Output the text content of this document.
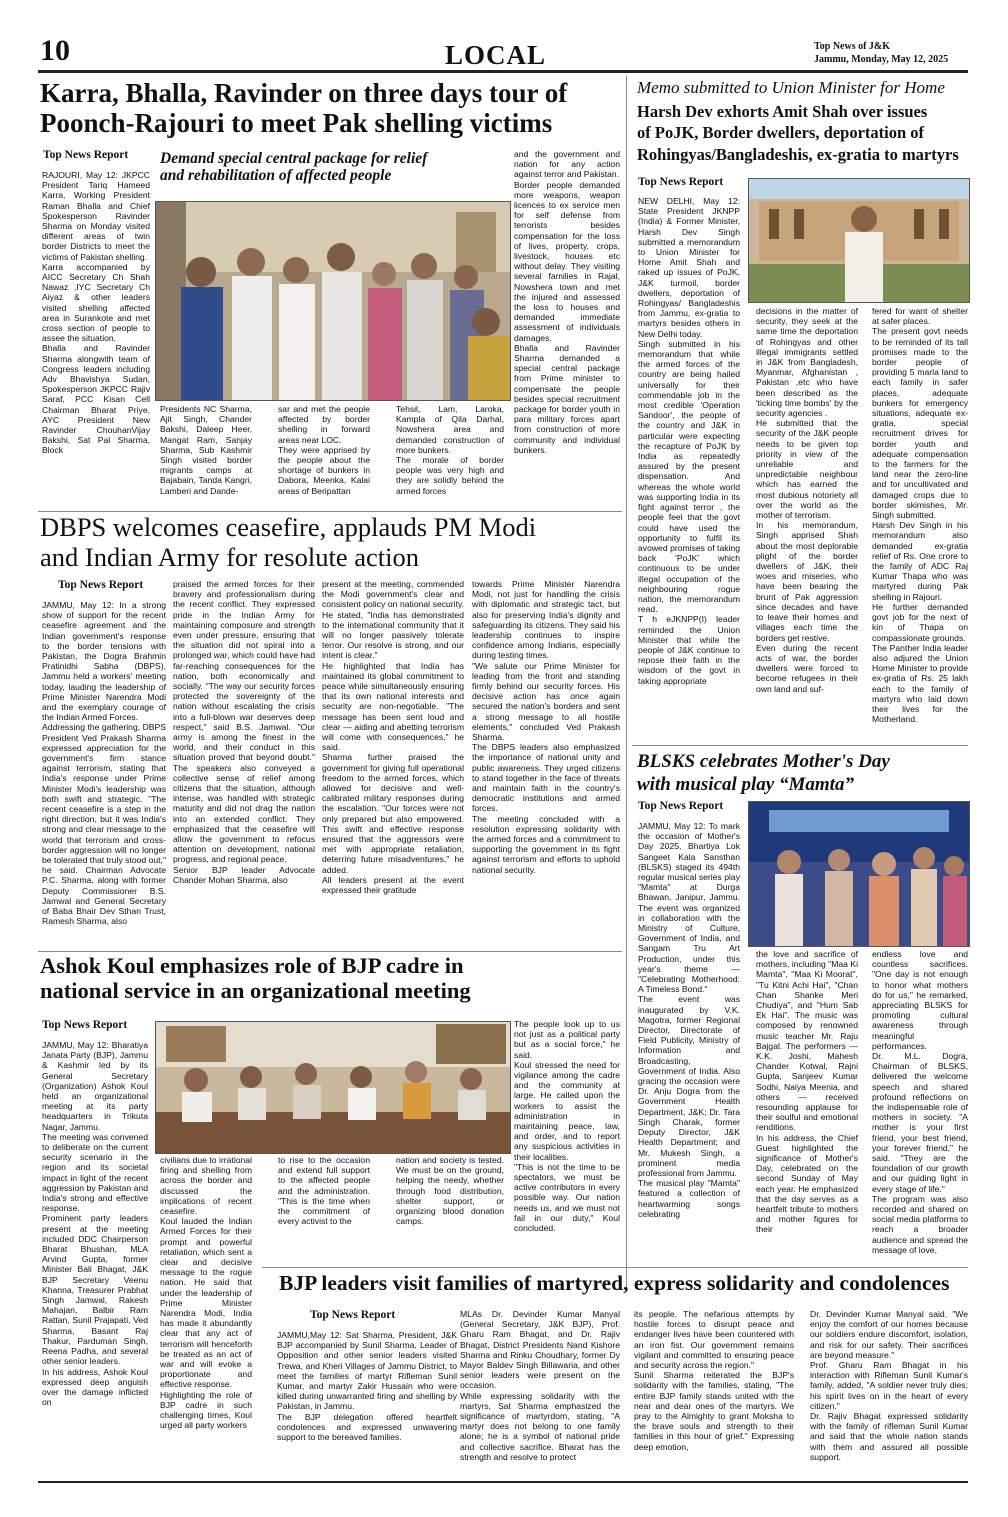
10	LOCAL	Top News of J&K
Jammu, Monday, May 12, 2025
Karra, Bhalla, Ravinder on three days tour of
Poonch-Rajouri to meet Pak shelling victims
Top News Report Demand special central package for relief
and rehabilitation of affected people
RAJOURI, May 12: JKPCC President Tariq Hameed Karra, Working President Raman Bhalla and Chief Spokesperson Ravinder Sharma on Monday visited different areas of twin border Districts to meet the victims of Pakistan shelling.
Karra accompanied by AICC Secretary Ch Shah Nawaz ,IYC Secretary Ch Aiyaz & other leaders visited shelling affected area in Surankote and met cross section of people to assee the situation.
Bhalla and Ravinder Sharma alongwith team of Congress leaders including Adv Bhavishya Sudan, Spokesperson JKPCC Rajiv Saraf, PCC Kisan Cell Chairman Bharat Priye, AYC President New Ravinder ChouhanVijay Bakshi, Sat Pal Sharma, Block
Presidents NC Sharma, Ajit Singh, Chander Bakshi, Daleep Heer, Mangat Ram, Sanjay Sharma, Sub Kashmir Singh visited border migrants camps at Bajabain, Tanda Kangri, Lamberi and Dande-
sar and met the people affected by border shelling in forward areas near LOC.
They were apprised by the people about the shortage of bunkers in Dabora, Meenka, Kalai areas of Beripattan
Tehsil, Lam, Laroka, Kampla of Qila Darhal, Nowshera area and demanded construction of more bunkers.
The morale of border people was very high and they are solidly behind the armed forces
and the government and nation for any action against terror and Pakistan.
Border people demanded more weapons, weapon licences to ex service men for self defense from terrorists besides compensation for the loss of lives, property, crops, livestock, houses etc without delay. They visiting several families in Rajal, Nowshera town and met the injured and assessed the loss to houses and demanded immediate assessment of individuals damages.
Bhalla and Ravinder Sharma demanded a special central package from Prime minister to compensate the people besides special recruitment package for border youth in para military forces apart from construction of more community and individual bunkers.
Memo submitted to Union Minister for Home
Harsh Dev exhorts Amit Shah over issues
of PoJK, Border dwellers, deportation of
Rohingyas/Bangladeshis, ex-gratia to martyrs
Top News Report
NEW DELHI, May 12: State President JKNPP (India) & Former Minister, Harsh Dev Singh submitted a memorandum to Union Minister for Home Amit Shah and raked up issues of PoJK, J&K turmoil, border dwellers, deportation of Rohingyas/ Bangladeshis from Jammu, ex-gratia to martyrs besides others in New Delhi today.
Singh submitted in his memorandum that while the armed forces of the country are being hailed universally for their commendable job in the most credible 'Operation Sandoor', the people of the country and J&K in particular were expecting the recapture of PoJK by India as repeatedly assured by the present dispensation. And whereas the whole world was supporting India in its fight against terror , the people feel that the govt could have used the opportunity to fulfil its avowed promises of taking back 'PoJK' which continuous to be under illegal occupation of the neighbouring rogue nation, the memorandum read.
T h eJKNPP(I) leader reminded the Union Minister that while the people of J&K continue to repose their faith in the wisdom of the govt in taking appropriate
decisions in the matter of security, they seek at the same time the deportation of Rohingyas and other illegal immigrants settled in J&K from Bangladesh, Myanmar, Afghanistan , Pakistan ,etc who have been described as the 'ticking time bombs' by the security agencies .
He submitted that the security of the J&K people needs to be given top priority in view of the unreliable and unpredictable neighbour which has earned the most dubious notoriety all over the world as the mother of terrorism.
In his memorandum, Singh apprised Shah about the most deplorable plight of the border dwellers of J&K, their woes and miseries, who have been bearing the brunt of Pak aggression since decades and have to leave their homes and villages each time the borders get restive.
Even during the recent acts of war, the border dwellers were forced to become refugees in their own land and suf-
fered for want of shelter at safer places.
The present govt needs to be reminded of its tall promises made to the border people of providing 5 marla land to each family in safer places, adequate bunkers for emergency situations, adequate ex-gratia, special recruitment drives for border youth and adequate compensation to the farmers for the land near the zero-line and for uncultivated and damaged crops due to border skimishes, Mr. Singh submitted.
Harsh Dev Singh in his memorandum also demanded ex-gratia relief of Rs. One crore to the family of ADC Raj Kumar Thapa who was martyred during Pak shelling in Rajouri.
He further demanded govt job for the next of kin of Thapa on compassionate grounds.
The Panther India leader also adjured the Union Home Minister to provide ex-gratia of Rs. 25 lakh each to the family of martyrs who laid down their lives for the Motherland.
DBPS welcomes ceasefire, applauds PM Modi
and Indian Army for resolute action
Top News Report
JAMMU, May 12: In a strong show of support for the recent ceasefire agreement and the Indian government's response to the border tensions with Pakistan, the Dogra Brahmin Pratinidhi Sabha (DBPS), Jammu held a workers' meeting today, lauding the leadership of Prime Minister Narendra Modi and the exemplary courage of the Indian Armed Forces.
Addressing the gathering, DBPS President Ved Prakash Sharma expressed appreciation for the government's firm stance against terrorism, stating that India's response under Prime Minister Modi's leadership was both swift and strategic. "The recent ceasefire is a step in the right direction, but it was India's strong and clear message to the world that terrorism and cross-border aggression will no longer be tolerated that truly stood out," he said. Chairman Advocate P.C. Sharma, along with former Deputy Commissioner B.S. Jamwal and General Secretary of Baba Bhair Dev Sthan Trust, Ramesh Sharma, also
praised the armed forces for their bravery and professionalism during the recent conflict. They expressed pride in the Indian Army for maintaining composure and strength even under pressure, ensuring that the situation did not spiral into a prolonged war, which could have had far-reaching consequences for the nation, both economically and socially. "The way our security forces protected the sovereignty of the nation without escalating the crisis into a full-blown war deserves deep respect," said B.S. Jamwal. "Our army is among the finest in the world, and their conduct in this situation proved that beyond doubt." The speakers also conveyed a collective sense of relief among citizens that the situation, although intense, was handled with strategic maturity and did not drag the nation into an extended conflict. They emphasized that the ceasefire will allow the government to refocus attention on development, national progress, and regional peace.
Senior BJP leader Advocate Chander Mohan Sharma, also
present at the meeting, commended the Modi government's clear and consistent policy on national security. He stated, "India has demonstrated to the international community that it will no longer passively tolerate terror. Our resolve is strong, and our intent is clear."
He highlighted that India has maintained its global commitment to peace while simultaneously ensuring that its own national interests and security are non-negotiable. "The message has been sent loud and clear — aiding and abetting terrorism will come with consequences," he said.
Sharma further praised the government for giving full operational freedom to the armed forces, which allowed for decisive and well-calibrated military responses during the escalation. "Our forces were not only prepared but also empowered. This swift and effective response ensured that the aggressors were met with appropriate retaliation, deterring future misadventures," he added.
All leaders present at the event expressed their gratitude
towards Prime Minister Narendra Modi, not just for handling the crisis with diplomatic and strategic tact, but also for preserving India's dignity and safeguarding its citizens. They said his leadership continues to inspire confidence among Indians, especially during testing times.
"We salute our Prime Minister for leading from the front and standing firmly behind our security forces. His decisive action has once again secured the nation's borders and sent a strong message to all hostile elements," concluded Ved Prakash Sharma.
The DBPS leaders also emphasized the importance of national unity and public awareness. They urged citizens to stand together in the face of threats and maintain faith in the country's democratic institutions and armed forces.
The meeting concluded with a resolution expressing solidarity with the armed forces and a commitment to supporting the government in its fight against terrorism and efforts to uphold national security.
BLSKS celebrates Mother's Day
with musical play “Mamta”
Top News Report
JAMMU, May 12: To mark the occasion of Mother's Day 2025, Bhartiya Lok Sangeet Kala Sansthan (BLSKS) staged its 494th regular musical series play "Mamta" at Durga Bhawan, Janipur, Jammu. The event was organized in collaboration with the Ministry of Culture, Government of India, and Sangam Tru Art Production, under this year's theme — "Celebrating Motherhood: A Timeless Bond."
The event was inaugurated by V.K. Magotra, former Regional Director, Directorate of Field Publicity, Ministry of Information and Broadcasting, Government of India. Also gracing the occasion were Dr. Anju Dogra from the Government Health Department, J&K; Dr. Tara Singh Charak, former Deputy Director, J&K Health Department; and Mr. Mukesh Singh, a prominent media professional from Jammu.
The musical play "Mamta" featured a collection of heartwarming songs celebrating
the love and sacrifice of mothers, including "Maa Ki Mamta", "Maa Ki Moorat", "Tu Kitni Achi Hai", "Chan Chan Shanke Meri Chudiya", and "Hum Sab Ek Hai". The music was composed by renowned music teacher Mr. Raju Bajgal. The performers — K.K. Joshi, Mahesh Chander Kotwal, Rajni Gupta, Sanjeev Kumar Sodhi, Naiya Meenia, and others — received resounding applause for their soulful and emotional renditions.
In his address, the Chief Guest highlighted the significance of Mother's Day, celebrated on the second Sunday of May each year. He emphasized that the day serves as a heartfelt tribute to mothers and mother figures for their
endless love and countless sacrifices. "One day is not enough to honor what mothers do for us," he remarked, appreciating BLSKS for promoting cultural awareness through meaningful performances.
Dr. M.L. Dogra, Chairman of BLSKS, delivered the welcome speech and shared profound reflections on the indispensable role of mothers in society. "A mother is your first friend, your best friend, your forever friend," he said. "They are the foundation of our growth and our guiding light in every stage of life."
The program was also recorded and shared on social media platforms to reach a broader audience and spread the message of love,
Ashok Koul emphasizes role of BJP cadre in
national service in an organizational meeting
Top News Report
JAMMU, May 12: Bharatiya Janata Party (BJP), Jammu & Kashmir led by its General Secretary (Organization) Ashok Koul held an organizational meeting at its party headquarters in Trikuta Nagar, Jammu.
The meeting was convened to deliberate on the current security scenario in the region and its societal impact in light of the recent aggression by Pakistan and India's strong and effective response.
Prominent party leaders present at the meeting included DDC Chairperson Bharat Bhushan, MLA Arvind Gupta, former Minister Bali Bhagat, J&K BJP Secretary Veenu Khanna, Treasurer Prabhat Singh Jamwal, Rakesh Mahajan, Balbir Ram Rattan, Sunil Prajapati, Ved Sharma, Basant Raj Thakur, Parduman Singh, Reena Padha, and several other senior leaders.
In his address, Ashok Koul expressed deep anguish over the damage inflicted on
civilians due to irrational firing and shelling from across the border and discussed the implications of recent ceasefire.
Koul lauded the Indian Armed Forces for their prompt and powerful retaliation, which sent a clear and decisive message to the rogue nation. He said that under the leadership of Prime Minister Narendra Modi, India has made it abundantly clear that any act of terrorism will henceforth be treated as an act of war and will evoke a proportionate and effective response.
Highlighting the role of BJP cadre in such challenging times, Koul urged all party workers
to rise to the occasion and extend full support to the affected people and the administration. "This is the time when the commitment of every activist to the
nation and society is tested. We must be on the ground, helping the needy, whether through food distribution, shelter support, or organizing blood donation camps.
The people look up to us not just as a political party but as a social force," he said.
Koul stressed the need for vigilance among the cadre and the community at large. He called upon the workers to assist the administration in maintaining peace, law, and order, and to report any suspicious activities in their localities.
"This is not the time to be spectators, we must be active contributors in every possible way. Our nation needs us, and we must not fail in our duty," Koul concluded.
BJP leaders visit families of martyred, express solidarity and condolences
Top News Report
JAMMU,May 12: Sat Sharma, President, J&K BJP accompanied by Sunil Sharma, Leader of Opposition and other senior leaders visited Trewa, and Kheri Villages of Jammu District, to meet the families of martyr Rifleman Sunil Kumar, and martyr Zakir Hussain who were killed during unwarranted firing and shelling by Pakistan, in Jammu.
The BJP delegation offered heartfelt condolences and expressed unwavering support to the bereaved families.
MLAs Dr. Devinder Kumar Manyal (General Secretary, J&K BJP), Prof. Gharu Ram Bhagat, and Dr. Rajiv Bhagat, District Presidents Nand Kishore Sharma and Rinku Choudhary, former Dy Mayor Baldev Singh Billawaria, and other senior leaders were present on the occasion.
While expressing solidarity with the martyrs, Sat Sharma emphasized the significance of martyrdom, stating, "A martyr does not belong to one family alone; he is a symbol of national pride and collective sacrifice. Bharat has the strength and resolve to protect
its people. The nefarious attempts by hostile forces to disrupt peace and endanger lives have been countered with an iron fist. Our government remains vigilant and committed to ensuring peace and security across the region."
Sunil Sharma reiterated the BJP's solidarity with the families, stating, "The entire BJP family stands united with the near and dear ones of the martyrs. We pray to the Almighty to grant Moksha to the brave souls and strength to their families in this hour of grief." Expressing deep emotion,
Dr. Devinder Kumar Manyal said, "We enjoy the comfort of our homes because our soldiers endure discomfort, isolation, and risk for our safety. Their sacrifices are beyond measure."
Prof. Gharu Ram Bhagat in his interaction with Rifleman Sunil Kumar's family, added, "A soldier never truly dies; his spirit lives on in the heart of every citizen."
Dr. Rajiv Bhagat expressed solidarity with the family of rifleman Sunil Kumar and said that the whole nation stands with them and assured all possible support.
